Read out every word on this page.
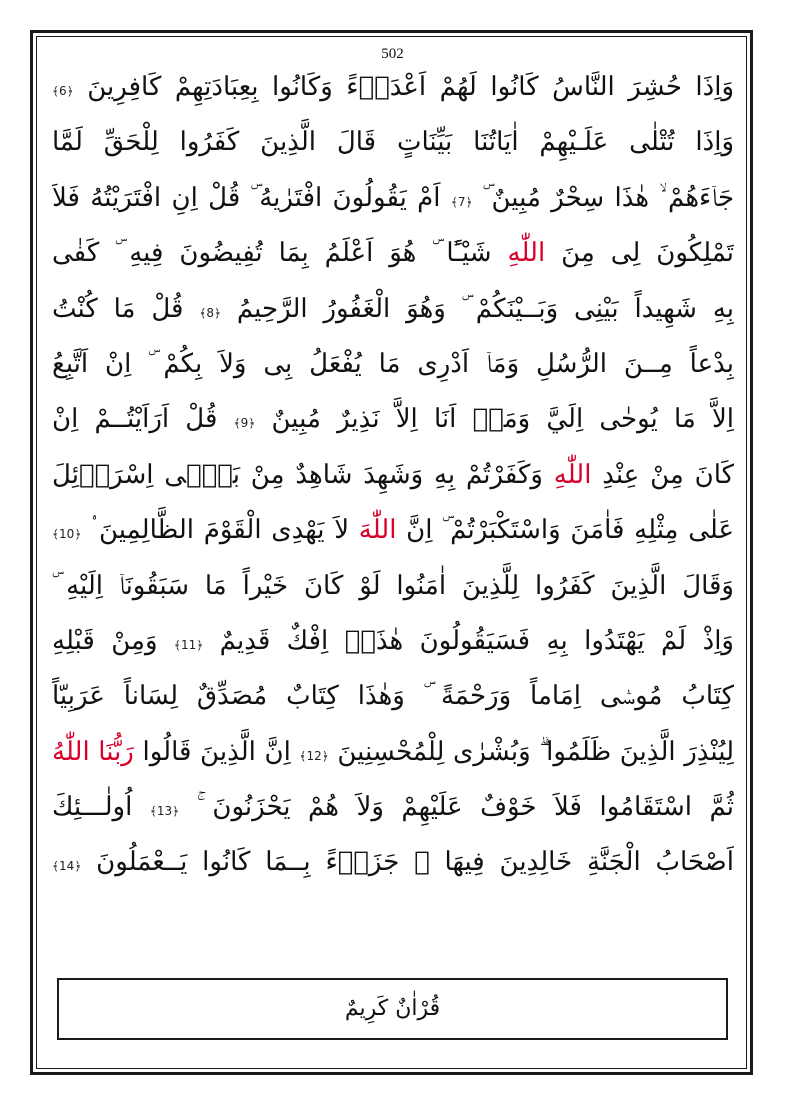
502
وَاِذَا حُشِرَ النَّاسُ كَانُوا لَهُمْ اَعْدَاۤءً وَكَانُوا بِعِبَادَتِهِمْ كَافِرِينَ ﴿6﴾
وَاِذَا تُتْلٰى عَلَـيْهِمْ اٰيَاتُنَا بَيِّنَاتٍ قَالَ الَّذِينَ كَفَرُوا لِلْحَقِّ لَمَّا
جَاۤءَهُمْ ۙ هٰذَا سِحْرٌ مُبِينٌ ۜ ﴿7﴾ اَمْ يَقُولُونَ افْتَرٰيهُ ۜ قُلْ اِنِ افْتَرَيْتُهُ فَلاَ
تَمْلِكُونَ لِى مِنَ اللّٰهِ شَيْـًٔا ۜ هُوَ اَعْلَمُ بِمَا تُفِيضُونَ فِيهِ ۜ كَفٰى
بِهِ شَهِيداً بَيْنِى وَبَــيْنَكُمْ ۜ وَهُوَ الْغَفُورُ الرَّحِيمُ ﴿8﴾ قُلْ مَا كُنْتُ
بِدْعاً مِــنَ الرُّسُلِ وَمَاۤ اَدْرِى مَا يُفْعَلُ بِى وَلاَ بِكُمْ ۜ اِنْ اَتَّبِعُ
اِلاَّ مَا يُوحٰى اِلَيَّ وَمَاۤ اَنَا اِلاَّ نَذِيرٌ مُبِينٌ ﴿9﴾ قُلْ اَرَاَيْتُــمْ اِنْ
كَانَ مِنْ عِنْدِ اللّٰهِ وَكَفَرْتُمْ بِهِ وَشَهِدَ شَاهِدٌ مِنْ بَنِۤى اِسْرَاۤئِلَ
عَلٰى مِثْلِهِ فَاٰمَنَ وَاسْتَكْبَرْتُمْ ۜ اِنَّ اللّٰهَ لاَ يَهْدِى الْقَوْمَ الظَّالِمِينَ ۟ ﴿10﴾
وَقَالَ الَّذِينَ كَفَرُوا لِلَّذِينَ اٰمَنُوا لَوْ كَانَ خَيْراً مَا سَبَقُونَاۤ اِلَيْهِ ۜ
وَاِذْ لَمْ يَهْتَدُوا بِهِ فَسَيَقُولُونَ هٰذَاۤ اِفْكٌ قَدِيمٌ ﴿11﴾ وَمِنْ قَبْلِهِ
كِتَابُ مُوسٰۤى اِمَاماً وَرَحْمَةً ۜ وَهٰذَا كِتَابٌ مُصَدِّقٌ لِسَاناً عَرَبِيّاً
لِيُنْذِرَ الَّذِينَ ظَلَمُوا ۗ وَبُشْرٰى لِلْمُحْسِنِينَ ﴿12﴾ اِنَّ الَّذِينَ قَالُوا رَبُّنَا اللّٰهُ
ثُمَّ اسْتَقَامُوا فَلاَ خَوْفٌ عَلَيْهِمْ وَلاَ هُمْ يَحْزَنُونَ ۚ ﴿13﴾ اُولٰـــئِكَ
اَصْحَابُ الْجَنَّةِ خَالِدِينَ فِيهَا ۚ جَزَاۤءً بِــمَا كَانُوا يَــعْمَلُونَ ﴿14﴾
قُرْاٰنٌ كَرِيمٌ
